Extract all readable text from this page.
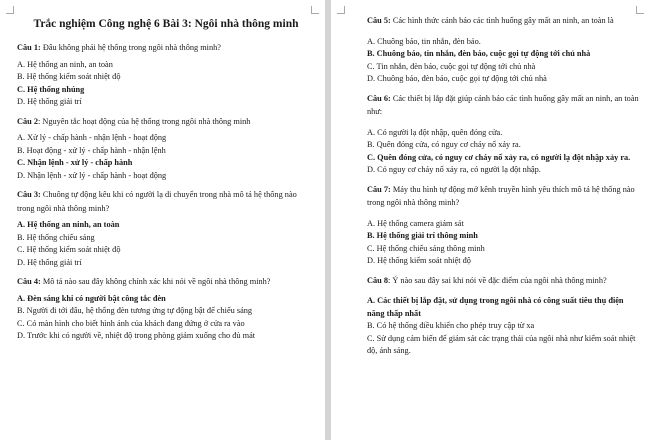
Trắc nghiệm Công nghệ 6 Bài 3: Ngôi nhà thông minh

Câu 1: Đâu không phải hệ thống trong ngôi nhà thông minh?

A. Hệ thống an ninh, an toàn

B. Hệ thống kiểm soát nhiệt độ

C. Hệ thống nhúng

D. Hệ thống giải trí

Câu 2: Nguyên tắc hoạt động của hệ thống trong ngôi nhà thông minh

A. Xử lý - chấp hành - nhận lệnh - hoạt động

B. Hoạt động - xử lý - chấp hành - nhận lệnh

C. Nhận lệnh - xử lý - chấp hành

D. Nhận lệnh - xử lý - chấp hành - hoạt động

Câu 3: Chuông tự động kêu khi có người lạ di chuyển trong nhà mô tả hệ thống nào trong ngôi nhà thông minh?

A. Hệ thống an ninh, an toàn

B. Hệ thống chiếu sáng

C. Hệ thống kiểm soát nhiệt độ

D. Hệ thống giải trí

Câu 4: Mô tả nào sau đây không chính xác khi nói về ngôi nhà thông minh?

A. Đèn sáng khi có người bật công tắc đèn

B. Người đi tới đâu, hệ thống đèn tương ứng tự động bật để chiếu sáng

C. Có màn hình cho biết hình ảnh của khách đang đứng ở cửa ra vào

D. Trước khi có người về, nhiệt độ trong phòng giảm xuống cho đủ mát

Câu 5: Các hình thức cảnh báo các tình huống gây mất an ninh, an toàn là

A. Chuông báo, tin nhắn, đèn báo.

B. Chuông báo, tin nhắn, đèn báo, cuộc gọi tự động tới chủ nhà

C. Tin nhắn, đèn báo, cuộc gọi tự động tới chủ nhà

D. Chuông báo, đèn báo, cuộc gọi tự động tới chủ nhà

Câu 6: Các thiết bị lắp đặt giúp cảnh báo các tình huống gây mất an ninh, an toàn như:

A. Có người lạ đột nhập, quên đóng cửa.

B. Quên đóng cửa, có nguy cơ cháy nổ xảy ra.

C. Quên đóng cửa, có nguy cơ cháy nổ xảy ra, có người lạ đột nhập xảy ra.

D. Có nguy cơ cháy nổ xảy ra, có người lạ đột nhập.

Câu 7: Máy thu hình tự động mở kênh truyền hình yêu thích mô tả hệ thống nào trong ngôi nhà thông minh?

A. Hệ thống camera giám sát

B. Hệ thống giải trí thông minh

C. Hệ thống chiếu sáng thông minh

D. Hệ thống kiểm soát nhiệt độ

Câu 8: Ý nào sau đây sai khi nói về đặc điểm của ngôi nhà thông minh?

A. Các thiết bị lắp đặt, sử dụng trong ngôi nhà có công suất tiêu thụ điện năng thấp nhất

B. Có hệ thống điều khiển cho phép truy cập từ xa

C. Sử dụng cảm biến để giám sát các trạng thái của ngôi nhà như kiểm soát nhiệt độ, ánh sáng.
